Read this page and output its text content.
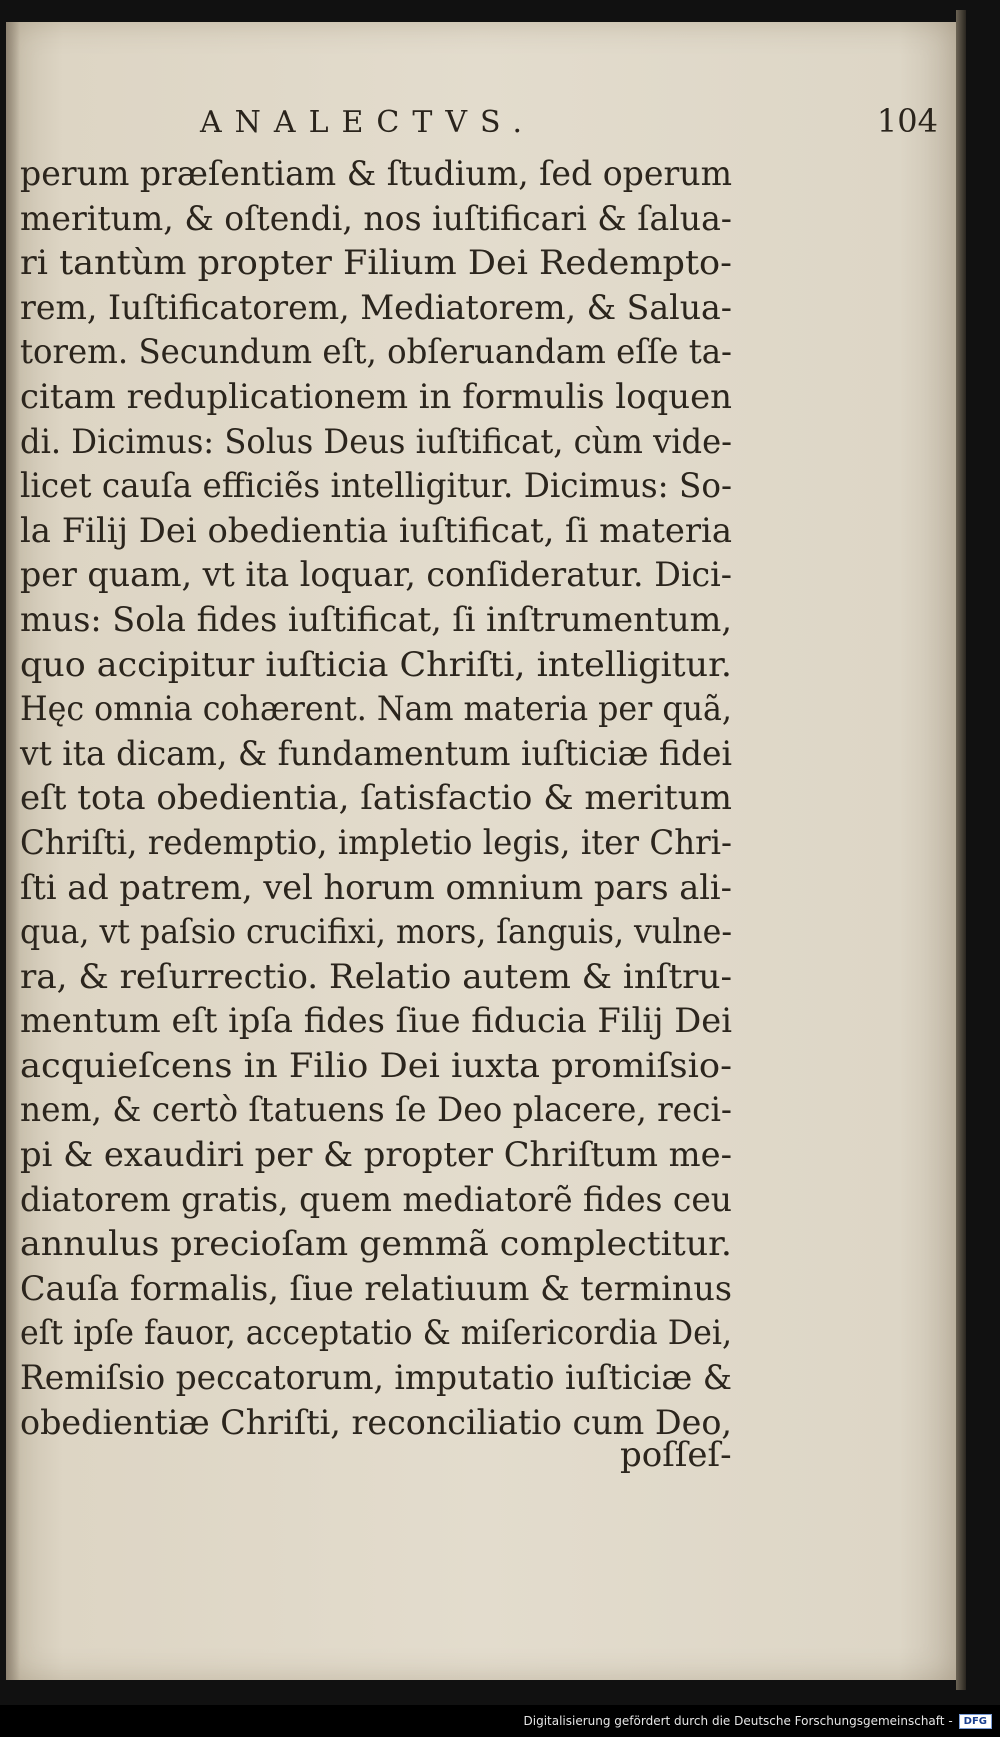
ANALECTVS.	104
perum præſentiam & ſtudium, ſed operum
meritum, & oſtendi, nos iuſtificari & ſalua-
ri tantùm propter Filium Dei Redempto-
rem, Iuſtificatorem, Mediatorem, & Salua-
torem. Secundum eſt, obſeruandam eſſe ta-
citam reduplicationem in formulis loquen
di. Dicimus: Solus Deus iuſtificat, cùm vide-
licet cauſa efficiẽs intelligitur. Dicimus: So-
la Filij Dei obedientia iuſtificat, ſi materia
per quam, vt ita loquar, conſideratur. Dici-
mus: Sola fides iuſtificat, ſi inſtrumentum,
quo accipitur iuſticia Chriſti, intelligitur.
Hęc omnia cohærent. Nam materia per quã,
vt ita dicam, & fundamentum iuſticiæ fidei
eſt tota obedientia, ſatisfactio & meritum
Chriſti, redemptio, impletio legis, iter Chri-
ſti ad patrem, vel horum omnium pars ali-
qua, vt paſsio crucifixi, mors, ſanguis, vulne-
ra, & reſurrectio. Relatio autem & inſtru-
mentum eſt ipſa fides ſiue fiducia Filij Dei
acquieſcens in Filio Dei iuxta promiſsio-
nem, & certò ſtatuens ſe Deo placere, reci-
pi & exaudiri per & propter Chriſtum me-
diatorem gratis, quem mediatorẽ fides ceu
annulus precioſam gemmã complectitur.
Cauſa formalis, ſiue relatiuum & terminus
eſt ipſe fauor, acceptatio & miſericordia Dei,
Remiſsio peccatorum, imputatio iuſticiæ &
obedientiæ Chriſti, reconciliatio cum Deo,
poſſeſ-
Digitalisierung gefördert durch die Deutsche Forschungsgemeinschaft -	DFG
